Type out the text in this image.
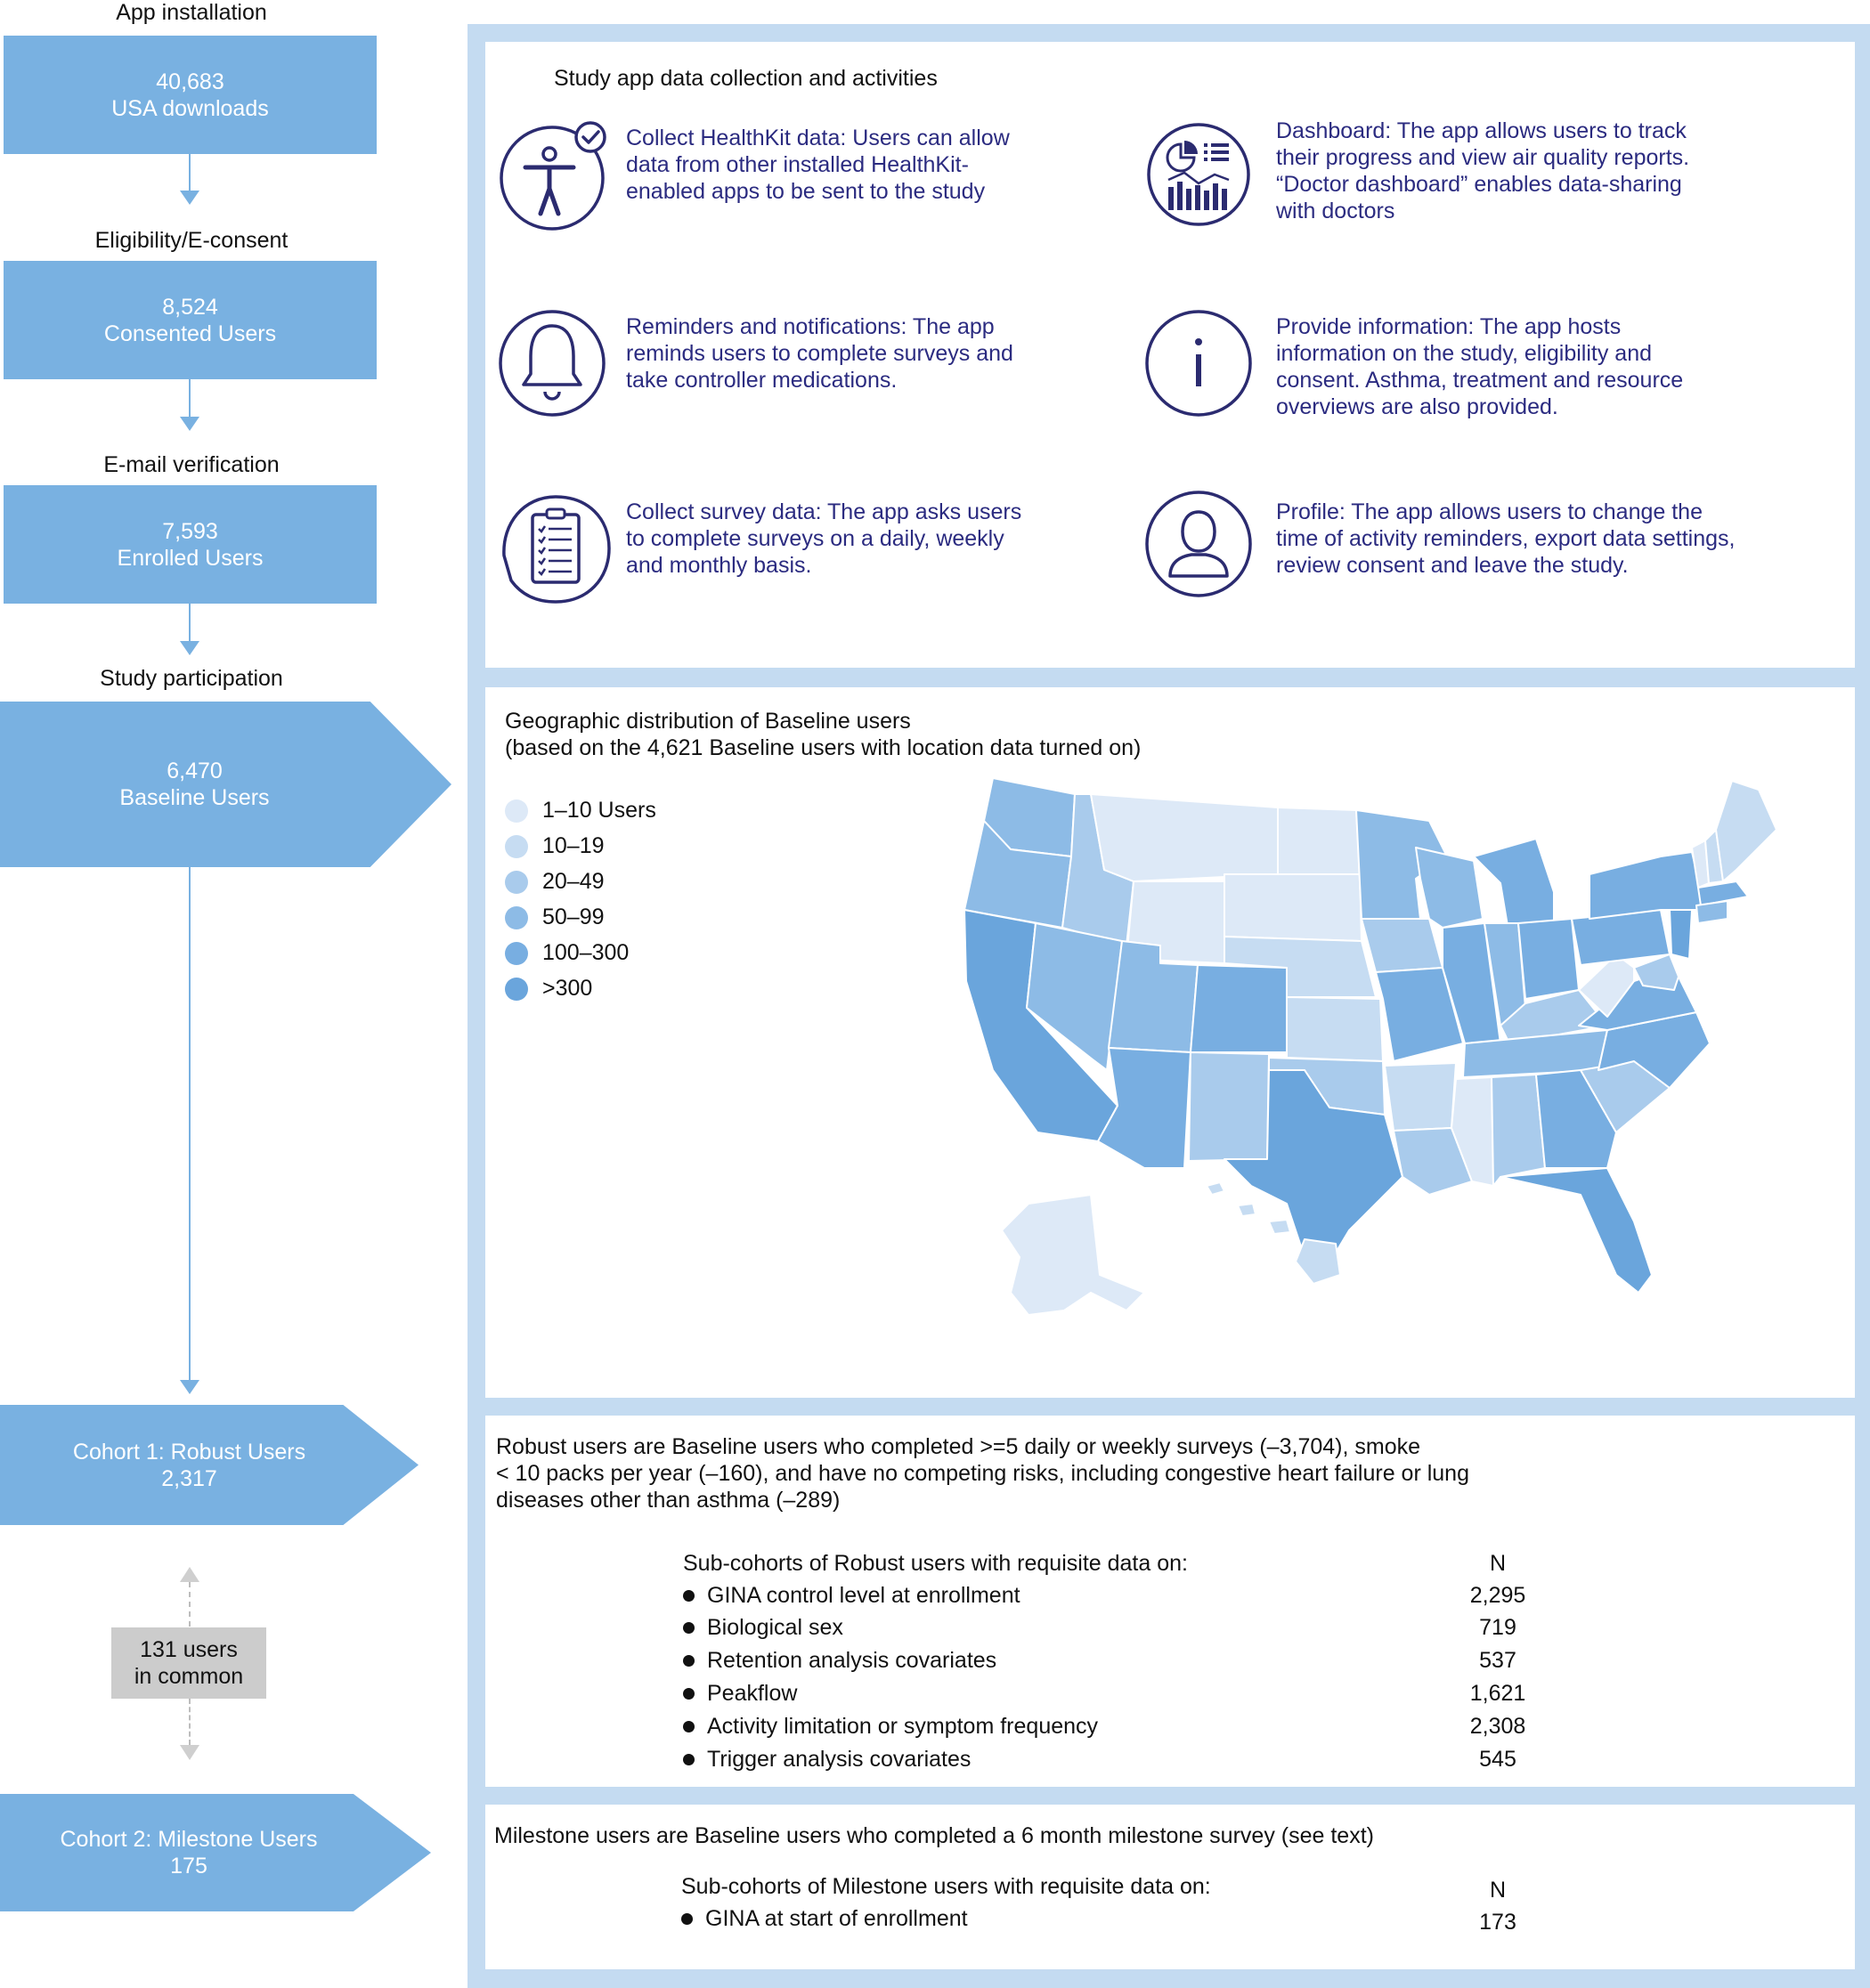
App installation
40,683
USA downloads
Eligibility/E-consent
8,524
Consented Users
E-mail verification
7,593
Enrolled Users
Study participation
6,470
Baseline Users
Cohort 1: Robust Users
2,317
131 users
in common
Cohort 2: Milestone Users
175
Study app data collection and activities
Collect HealthKit data: Users can allow data from other installed HealthKit-enabled apps to be sent to the study
Dashboard: The app allows users to track their progress and view air quality reports. “Doctor dashboard” enables data-sharing with doctors
Reminders and notifications: The app reminds users to complete surveys and take controller medications.
Provide information: The app hosts information on the study, eligibility and consent. Asthma, treatment and resource overviews are also provided.
Collect survey data: The app asks users to complete surveys on a daily, weekly and monthly basis.
Profile: The app allows users to change the time of activity reminders, export data settings, review consent and leave the study.
Geographic distribution of Baseline users
(based on the 4,621 Baseline users with location data turned on)
1–10 Users
10–19
20–49
50–99
100–300
>300
Robust users are Baseline users who completed >=5 daily or weekly surveys (–3,704), smoke
< 10 packs per year (–160), and have no competing risks, including congestive heart failure or lung
diseases other than asthma (–289)
Sub-cohorts of Robust users with requisite data on:	N
GINA control level at enrollment	2,295
Biological sex	719
Retention analysis covariates	537
Peakflow	1,621
Activity limitation or symptom frequency	2,308
Trigger analysis covariates	545
Milestone users are Baseline users who completed a 6 month milestone survey (see text)
Sub-cohorts of Milestone users with requisite data on:	N
GINA at start of enrollment	173
